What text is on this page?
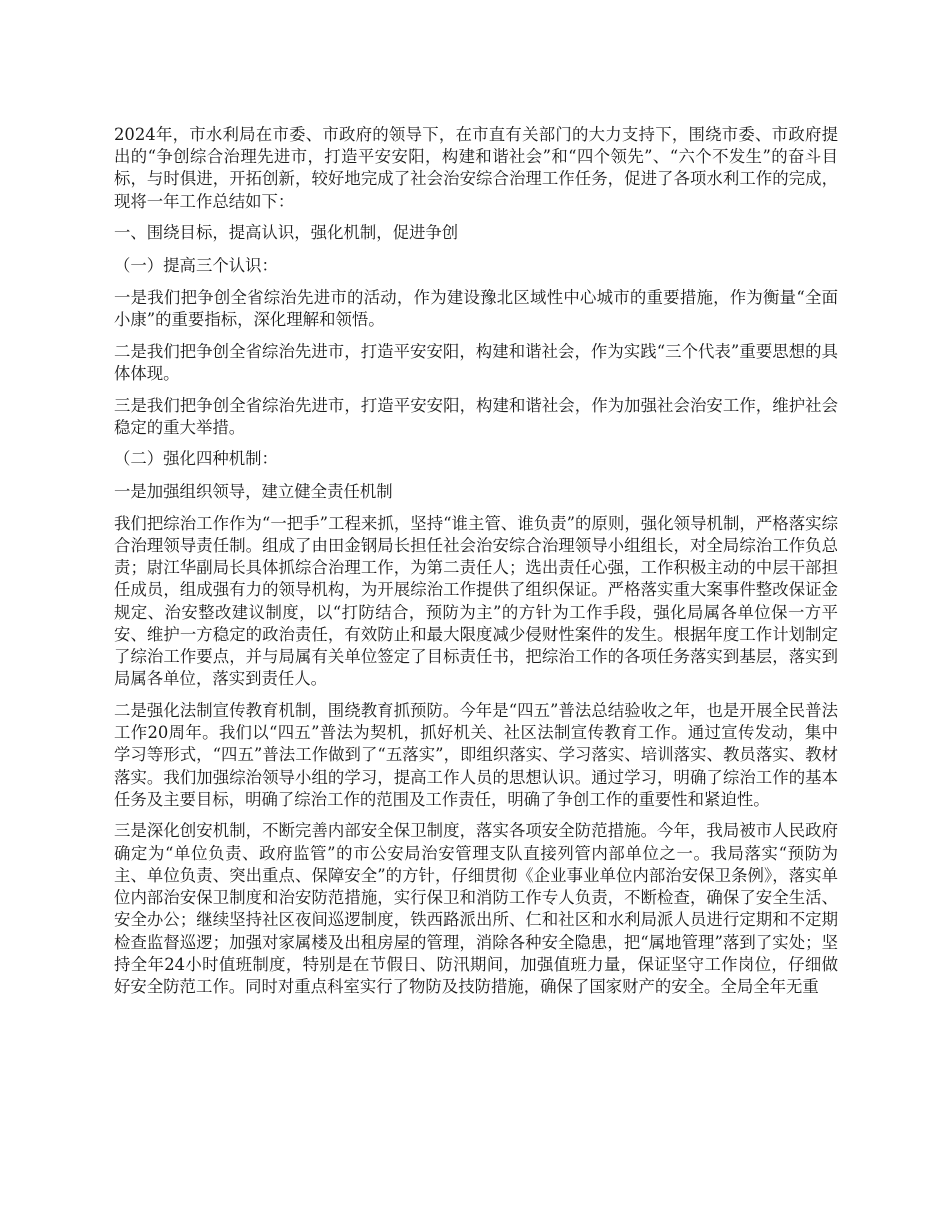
2024年，市水利局在市委、市政府的领导下，在市直有关部门的大力支持下，围绕市委、市政府提出的“争创综合治理先进市，打造平安安阳，构建和谐社会”和“四个领先”、“六个不发生”的奋斗目标，与时俱进，开拓创新，较好地完成了社会治安综合治理工作任务，促进了各项水利工作的完成，现将一年工作总结如下：

一、围绕目标，提高认识，强化机制，促进争创

（一）提高三个认识：

一是我们把争创全省综治先进市的活动，作为建设豫北区域性中心城市的重要措施，作为衡量“全面小康”的重要指标，深化理解和领悟。

二是我们把争创全省综治先进市，打造平安安阳，构建和谐社会，作为实践“三个代表”重要思想的具体体现。

三是我们把争创全省综治先进市，打造平安安阳，构建和谐社会，作为加强社会治安工作，维护社会稳定的重大举措。

（二）强化四种机制：

一是加强组织领导，建立健全责任机制

我们把综治工作作为“一把手”工程来抓，坚持“谁主管、谁负责”的原则，强化领导机制，严格落实综合治理领导责任制。组成了由田金钢局长担任社会治安综合治理领导小组组长，对全局综治工作负总责；尉江华副局长具体抓综合治理工作，为第二责任人；选出责任心强，工作积极主动的中层干部担任成员，组成强有力的领导机构，为开展综治工作提供了组织保证。严格落实重大案事件整改保证金规定、治安整改建议制度，以“打防结合，预防为主”的方针为工作手段，强化局属各单位保一方平安、维护一方稳定的政治责任，有效防止和最大限度减少侵财性案件的发生。根据年度工作计划制定了综治工作要点，并与局属有关单位签定了目标责任书，把综治工作的各项任务落实到基层，落实到局属各单位，落实到责任人。

二是强化法制宣传教育机制，围绕教育抓预防。今年是“四五”普法总结验收之年，也是开展全民普法工作20周年。我们以“四五”普法为契机，抓好机关、社区法制宣传教育工作。通过宣传发动，集中学习等形式，“四五”普法工作做到了“五落实”，即组织落实、学习落实、培训落实、教员落实、教材落实。我们加强综治领导小组的学习，提高工作人员的思想认识。通过学习，明确了综治工作的基本任务及主要目标，明确了综治工作的范围及工作责任，明确了争创工作的重要性和紧迫性。

三是深化创安机制，不断完善内部安全保卫制度，落实各项安全防范措施。今年，我局被市人民政府确定为“单位负责、政府监管”的市公安局治安管理支队直接列管内部单位之一。我局落实“预防为主、单位负责、突出重点、保障安全”的方针，仔细贯彻《企业事业单位内部治安保卫条例》，落实单位内部治安保卫制度和治安防范措施，实行保卫和消防工作专人负责，不断检查，确保了安全生活、安全办公；继续坚持社区夜间巡逻制度，铁西路派出所、仁和社区和水利局派人员进行定期和不定期检查监督巡逻；加强对家属楼及出租房屋的管理，消除各种安全隐患，把“属地管理”落到了实处；坚持全年24小时值班制度，特别是在节假日、防汛期间，加强值班力量，保证坚守工作岗位，仔细做好安全防范工作。同时对重点科室实行了物防及技防措施，确保了国家财产的安全。全局全年无重
